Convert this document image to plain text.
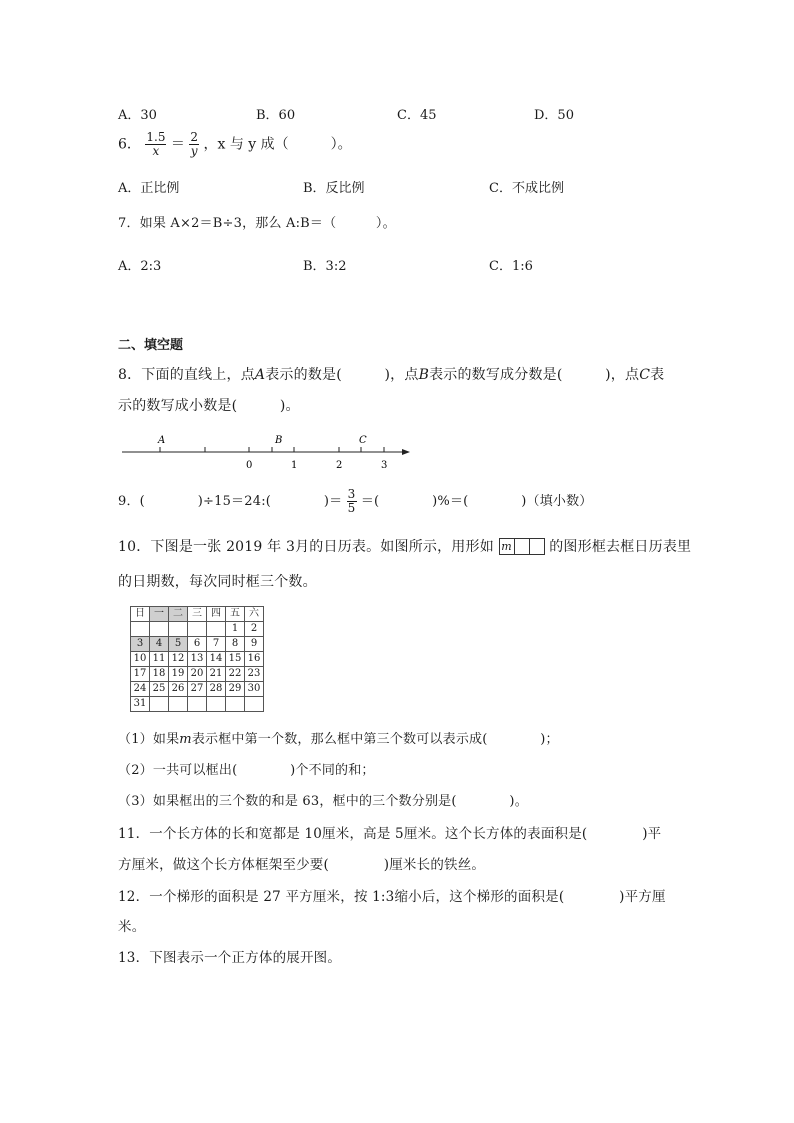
A．30	B．60	C．45	D．50
6． $\frac{1.5}{x} = \frac{2}{y}$ ，x 与 y 成（　　　）。
A．正比例	B．反比例	C．不成比例
7．如果 A×2＝B÷3，那么 A:B＝（　　　）。
A．2:3	B．3:2	C．1:6
二、填空题
8．下面的直线上，点A表示的数是(　　　)，点B表示的数写成分数是(　　　)，点C表
示的数写成小数是(　　　)。
A	B	C
0	1	2	3
9．(　　　　)÷15＝24:(　　　　)＝ $\frac{3}{5}$ ＝(　　　　)%＝(　　　　)（填小数）
10．下图是一张 2019 年 3月的日历表。如图所示，用形如 m	的图形框去框日历表里
的日期数，每次同时框三个数。
日	一	二	三	四	五	六
					1	2
3	4	5	6	7	8	9
10	11	12	13	14	15	16
17	18	19	20	21	22	23
24	25	26	27	28	29	30
31						
（1）如果m表示框中第一个数，那么框中第三个数可以表示成(　　　　)；
（2）一共可以框出(　　　　)个不同的和；
（3）如果框出的三个数的和是 63，框中的三个数分别是(　　　　)。
11．一个长方体的长和宽都是 10厘米，高是 5厘米。这个长方体的表面积是(　　　　)平
方厘米，做这个长方体框架至少要(　　　　)厘米长的铁丝。
12．一个梯形的面积是 27 平方厘米，按 1:3缩小后，这个梯形的面积是(　　　　)平方厘
米。
13．下图表示一个正方体的展开图。
